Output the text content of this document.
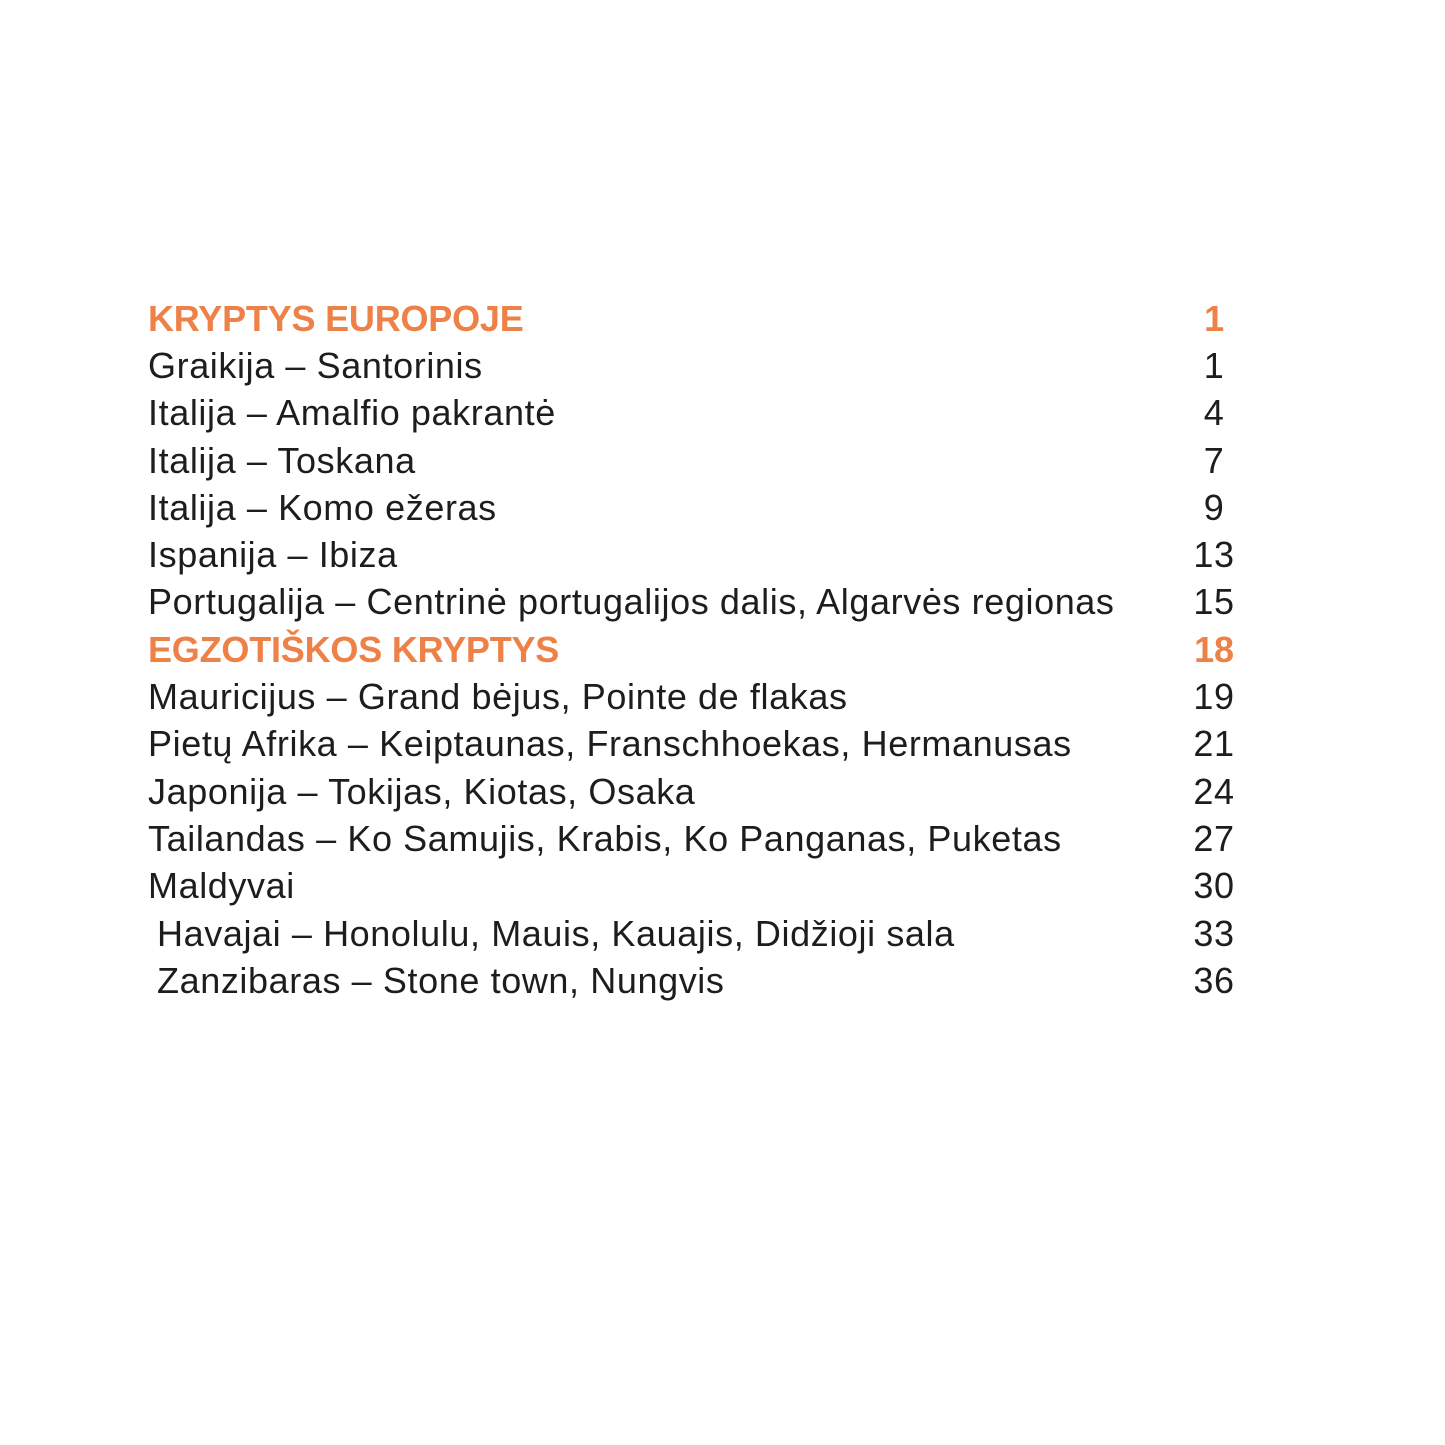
KRYPTYS EUROPOJE	1
Graikija – Santorinis	1
Italija – Amalfio pakrantė	4
Italija – Toskana	7
Italija – Komo ežeras	9
Ispanija – Ibiza	13
Portugalija – Centrinė portugalijos dalis, Algarvės regionas	15
EGZOTIŠKOS KRYPTYS	18
Mauricijus – Grand bėjus, Pointe de flakas	19
Pietų Afrika – Keiptaunas, Franschhoekas, Hermanusas	21
Japonija – Tokijas, Kiotas, Osaka	24
Tailandas – Ko Samujis, Krabis, Ko Panganas, Puketas	27
Maldyvai	30
Havajai – Honolulu, Mauis, Kauajis, Didžioji sala	33
Zanzibaras – Stone town, Nungvis	36
